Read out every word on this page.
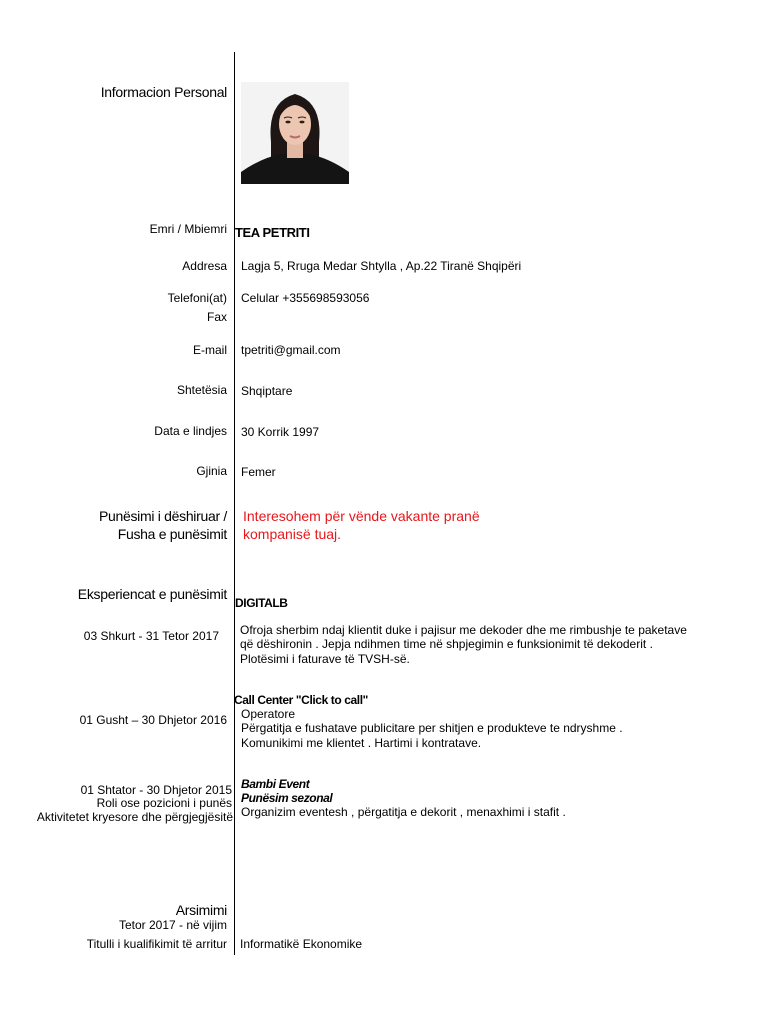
Informacion Personal
Emri / Mbiemri TEA PETRITI
Addresa Lagja 5, Rruga Medar Shtylla , Ap.22 Tiranë Shqipëri
Telefoni(at) Celular +355698593056
Fax
E-mail tpetriti@gmail.com
Shtetësia Shqiptare
Data e lindjes 30 Korrik 1997
Gjinia Femer
Punësimi i dëshiruar /
Fusha e punësimit
Interesohem për vënde vakante pranë
kompanisë tuaj.
Eksperiencat e punësimit
DIGITALB
03 Shkurt - 31 Tetor 2017 Ofroja sherbim ndaj klientit duke i pajisur me dekoder dhe me rimbushje te paketave
që dëshironin . Jepja ndihmen time në shpjegimin e funksionimit të dekoderit .
Plotësimi i faturave të TVSH-së.
Call Center "Click to call"
01 Gusht – 30 Dhjetor 2016 Operatore
Përgatitja e fushatave publicitare per shitjen e produkteve te ndryshme .
Komunikimi me klientet . Hartimi i kontratave.
Bambi Event
Punësim sezonal
01 Shtator - 30 Dhjetor 2015
Roli ose pozicioni i punës
Aktivitetet kryesore dhe përgjegjësitë Organizim eventesh , përgatitja e dekorit , menaxhimi i stafit .
Arsimimi
Tetor 2017 - në vijim
Titulli i kualifikimit të arritur Informatikë Ekonomike
